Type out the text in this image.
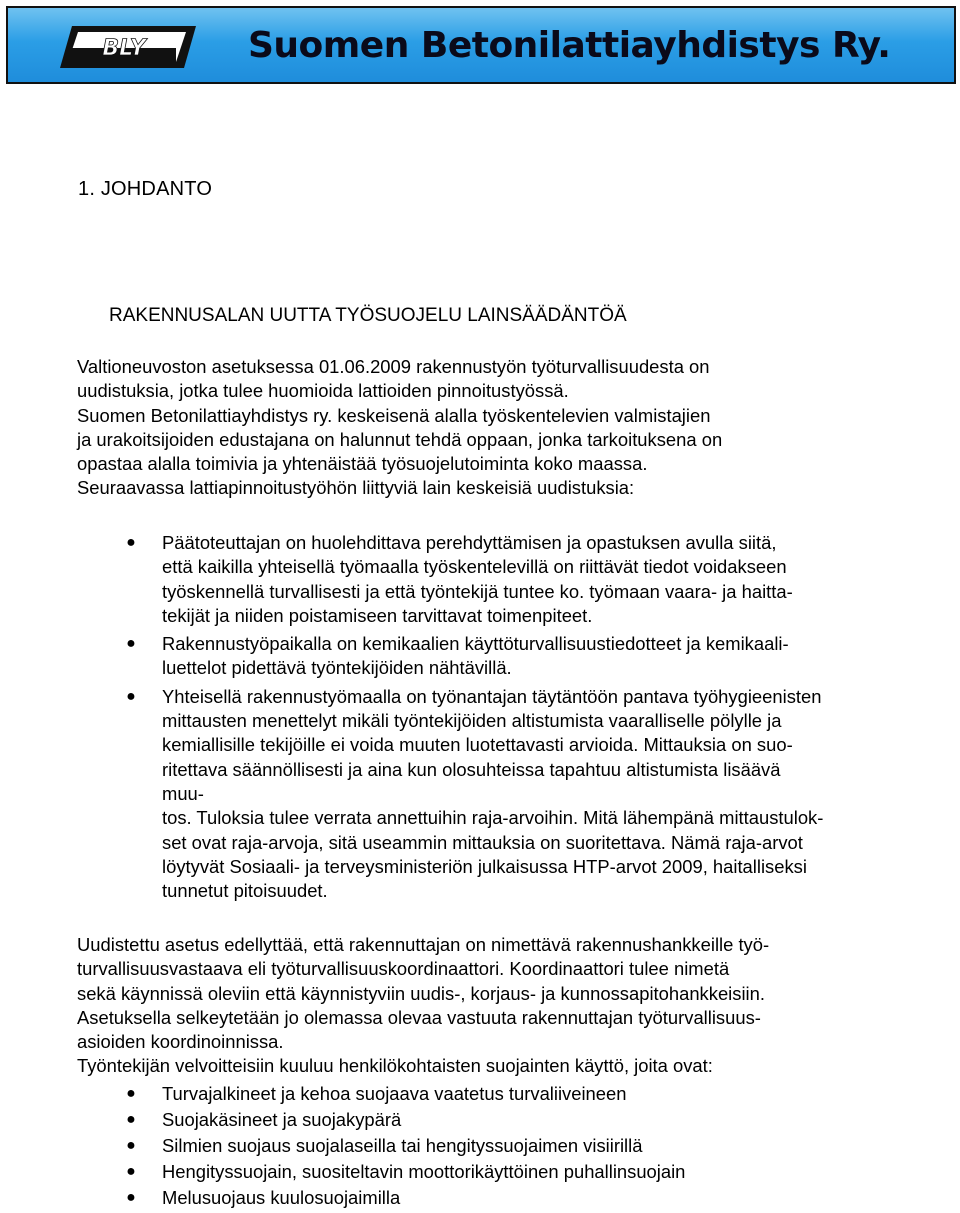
BLY	Suomen Betonilattiayhdistys Ry.
1. JOHDANTO
RAKENNUSALAN UUTTA TYÖSUOJELU LAINSÄÄDÄNTÖÄ
Valtioneuvoston asetuksessa 01.06.2009 rakennustyön työturvallisuudesta on
uudistuksia, jotka tulee huomioida lattioiden pinnoitustyössä.
Suomen Betonilattiayhdistys ry. keskeisenä alalla työskentelevien valmistajien
ja urakoitsijoiden edustajana on halunnut tehdä oppaan, jonka tarkoituksena on
opastaa alalla toimivia ja yhtenäistää työsuojelutoiminta koko maassa.
Seuraavassa lattiapinnoitustyöhön liittyviä lain keskeisiä uudistuksia:
● Päätoteuttajan on huolehdittava perehdyttämisen ja opastuksen avulla siitä,
että kaikilla yhteisellä työmaalla työskentelevillä on riittävät tiedot voidakseen
työskennellä turvallisesti ja että työntekijä tuntee ko. työmaan vaara- ja haitta-
tekijät ja niiden poistamiseen tarvittavat toimenpiteet.
● Rakennustyöpaikalla on kemikaalien käyttöturvallisuustiedotteet ja kemikaali-
luettelot pidettävä työntekijöiden nähtävillä.
● Yhteisellä rakennustyömaalla on työnantajan täytäntöön pantava työhygieenisten
mittausten menettelyt mikäli työntekijöiden altistumista vaaralliselle pölylle ja
kemiallisille tekijöille ei voida muuten luotettavasti arvioida. Mittauksia on suo-
ritettava säännöllisesti ja aina kun olosuhteissa tapahtuu altistumista lisäävä
muu-
tos. Tuloksia tulee verrata annettuihin raja-arvoihin. Mitä lähempänä mittaustulok-
set ovat raja-arvoja, sitä useammin mittauksia on suoritettava. Nämä raja-arvot
löytyvät Sosiaali- ja terveysministeriön julkaisussa HTP-arvot 2009, haitalliseksi
tunnetut pitoisuudet.
Uudistettu asetus edellyttää, että rakennuttajan on nimettävä rakennushankkeille työ-
turvallisuusvastaava eli työturvallisuuskoordinaattori. Koordinaattori tulee nimetä
sekä käynnissä oleviin että käynnistyviin uudis-, korjaus- ja kunnossapitohankkeisiin.
Asetuksella selkeytetään jo olemassa olevaa vastuuta rakennuttajan työturvallisuus-
asioiden koordinoinnissa.
Työntekijän velvoitteisiin kuuluu henkilökohtaisten suojainten käyttö, joita ovat:
● Turvajalkineet ja kehoa suojaava vaatetus turvaliiveineen
● Suojakäsineet ja suojakypärä
● Silmien suojaus suojalaseilla tai hengityssuojaimen visiirillä
● Hengityssuojain, suositeltavin moottorikäyttöinen puhallinsuojain
● Melusuojaus kuulosuojaimilla
